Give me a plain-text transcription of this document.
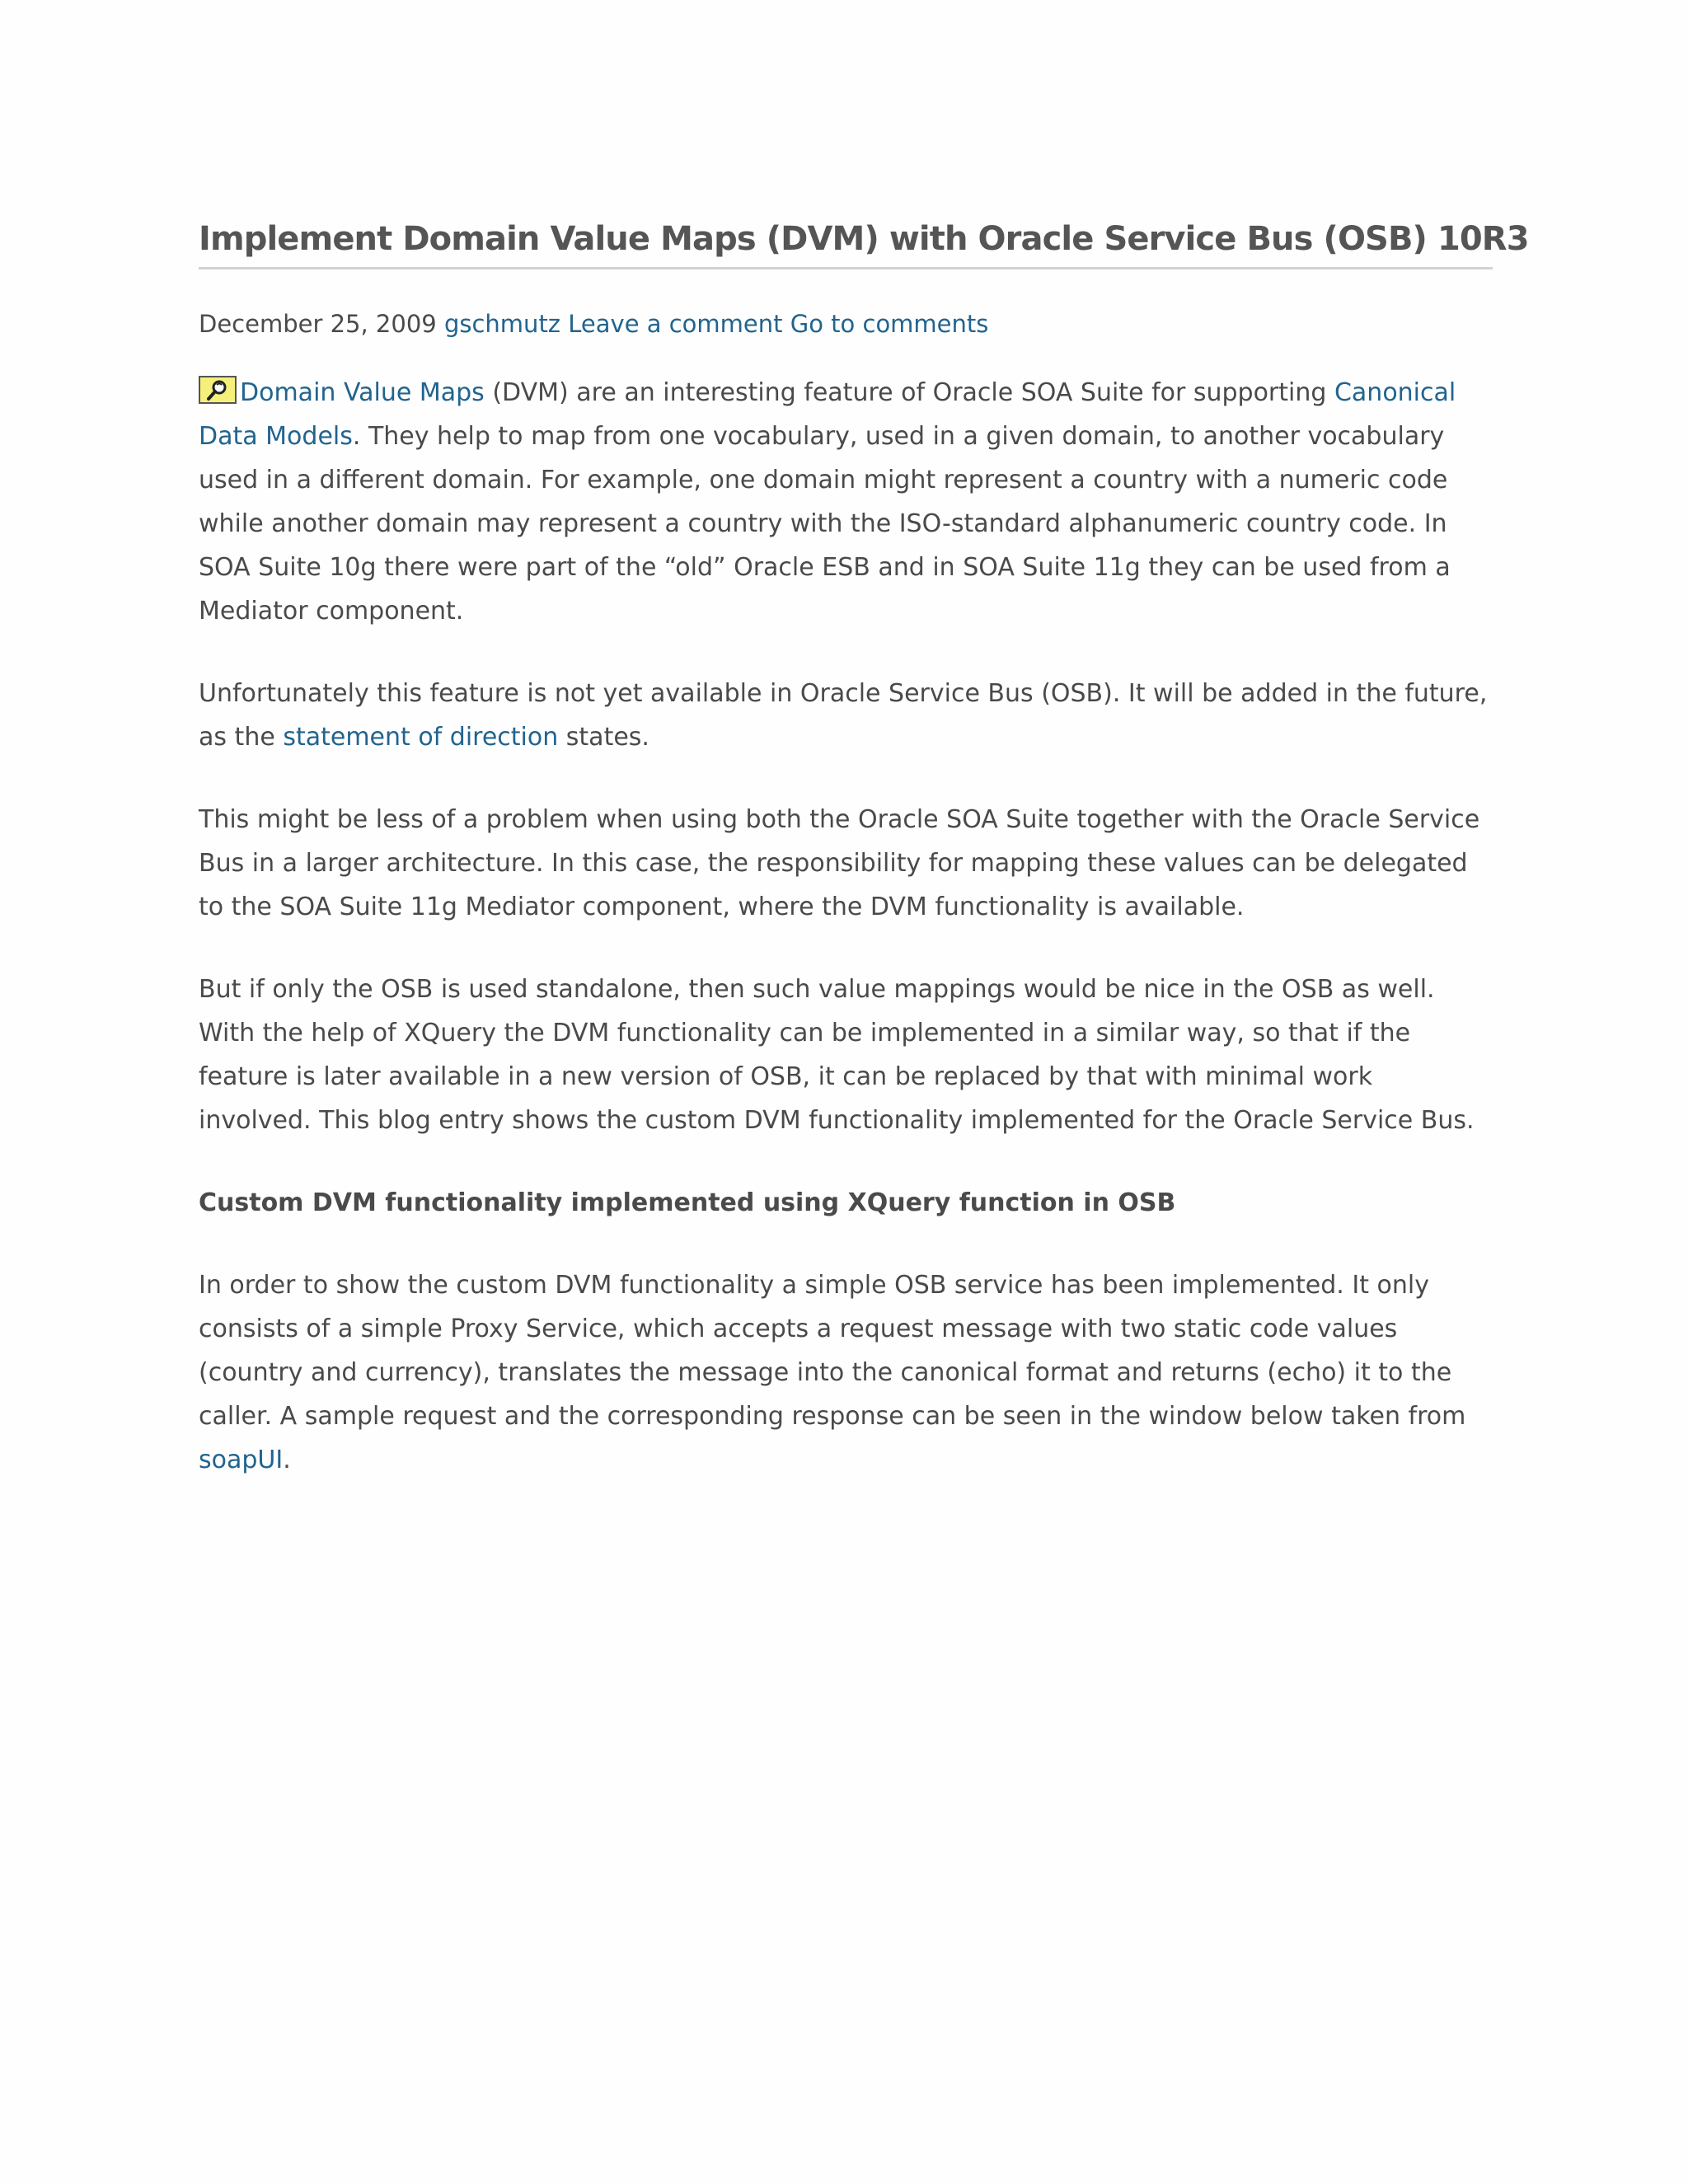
Implement Domain Value Maps (DVM) with Oracle Service Bus (OSB) 10R3
December 25, 2009 gschmutz Leave a comment Go to comments

Domain Value Maps (DVM) are an interesting feature of Oracle SOA Suite for supporting Canonical Data Models. They help to map from one vocabulary, used in a given domain, to another vocabulary used in a different domain. For example, one domain might represent a country with a numeric code while another domain may represent a country with the ISO-standard alphanumeric country code. In SOA Suite 10g there were part of the “old” Oracle ESB and in SOA Suite 11g they can be used from a Mediator component.

Unfortunately this feature is not yet available in Oracle Service Bus (OSB). It will be added in the future, as the statement of direction states.

This might be less of a problem when using both the Oracle SOA Suite together with the Oracle Service Bus in a larger architecture. In this case, the responsibility for mapping these values can be delegated to the SOA Suite 11g Mediator component, where the DVM functionality is available.

But if only the OSB is used standalone, then such value mappings would be nice in the OSB as well. With the help of XQuery the DVM functionality can be implemented in a similar way, so that if the feature is later available in a new version of OSB, it can be replaced by that with minimal work involved. This blog entry shows the custom DVM functionality implemented for the Oracle Service Bus.

Custom DVM functionality implemented using XQuery function in OSB

In order to show the custom DVM functionality a simple OSB service has been implemented. It only consists of a simple Proxy Service, which accepts a request message with two static code values (country and currency), translates the message into the canonical format and returns (echo) it to the caller. A sample request and the corresponding response can be seen in the window below taken from soapUI.
